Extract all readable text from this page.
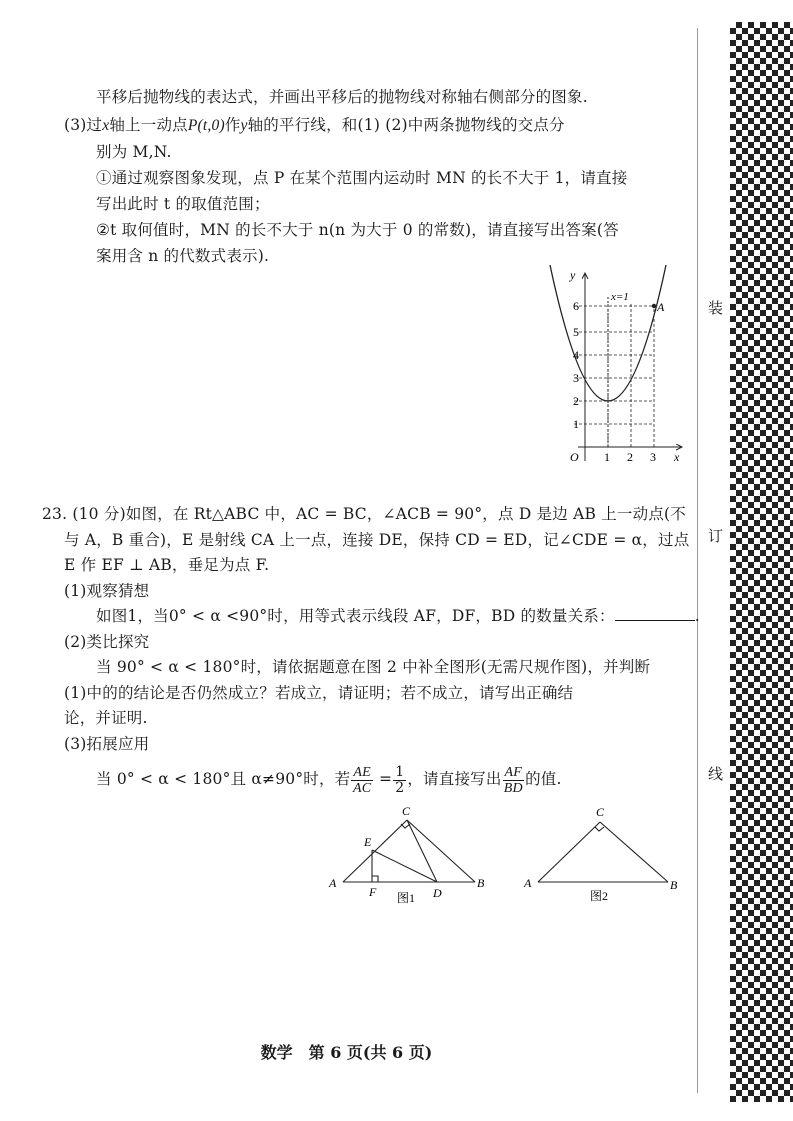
装
订
线
平移后抛物线的表达式，并画出平移后的抛物线对称轴右侧部分的图象.
(3)过x轴上一动点P(t,0)作y轴的平行线，和(1) (2)中两条抛物线的交点分
别为 M,N.
①通过观察图象发现，点 P 在某个范围内运动时 MN 的长不大于 1，请直接
写出此时 t 的取值范围；
②t 取何值时，MN 的长不大于 n(n 为大于 0 的常数)，请直接写出答案(答
案用含 n 的代数式表示).
y
x
O
x=1
A
1 2 3
1
2
3
4
5
6
23. (10 分)如图，在 Rt△ABC 中，AC = BC，∠ACB = 90°，点 D 是边 AB 上一动点(不
与 A，B 重合)，E 是射线 CA 上一点，连接 DE，保持 CD = ED，记∠CDE = α，过点
E 作 EF ⊥ AB，垂足为点 F.
(1)观察猜想
如图1，当0° < α <90°时，用等式表示线段 AF，DF，BD 的数量关系：	.
(2)类比探究
当 90° < α < 180°时，请依据题意在图 2 中补全图形(无需尺规作图)，并判断
(1)中的的结论是否仍然成立？若成立，请证明；若不成立，请写出正确结
论，并证明.
(3)拓展应用
当 0° < α < 180°且 α≠90°时，若 $\frac{AE}{AC} = \frac{1}{2}$ ，请直接写出 $\frac{AF}{BD}$ 的值.
A	B
C
D
E
F 图1
A	B
C
图2
数学　第 6 页(共 6 页)
